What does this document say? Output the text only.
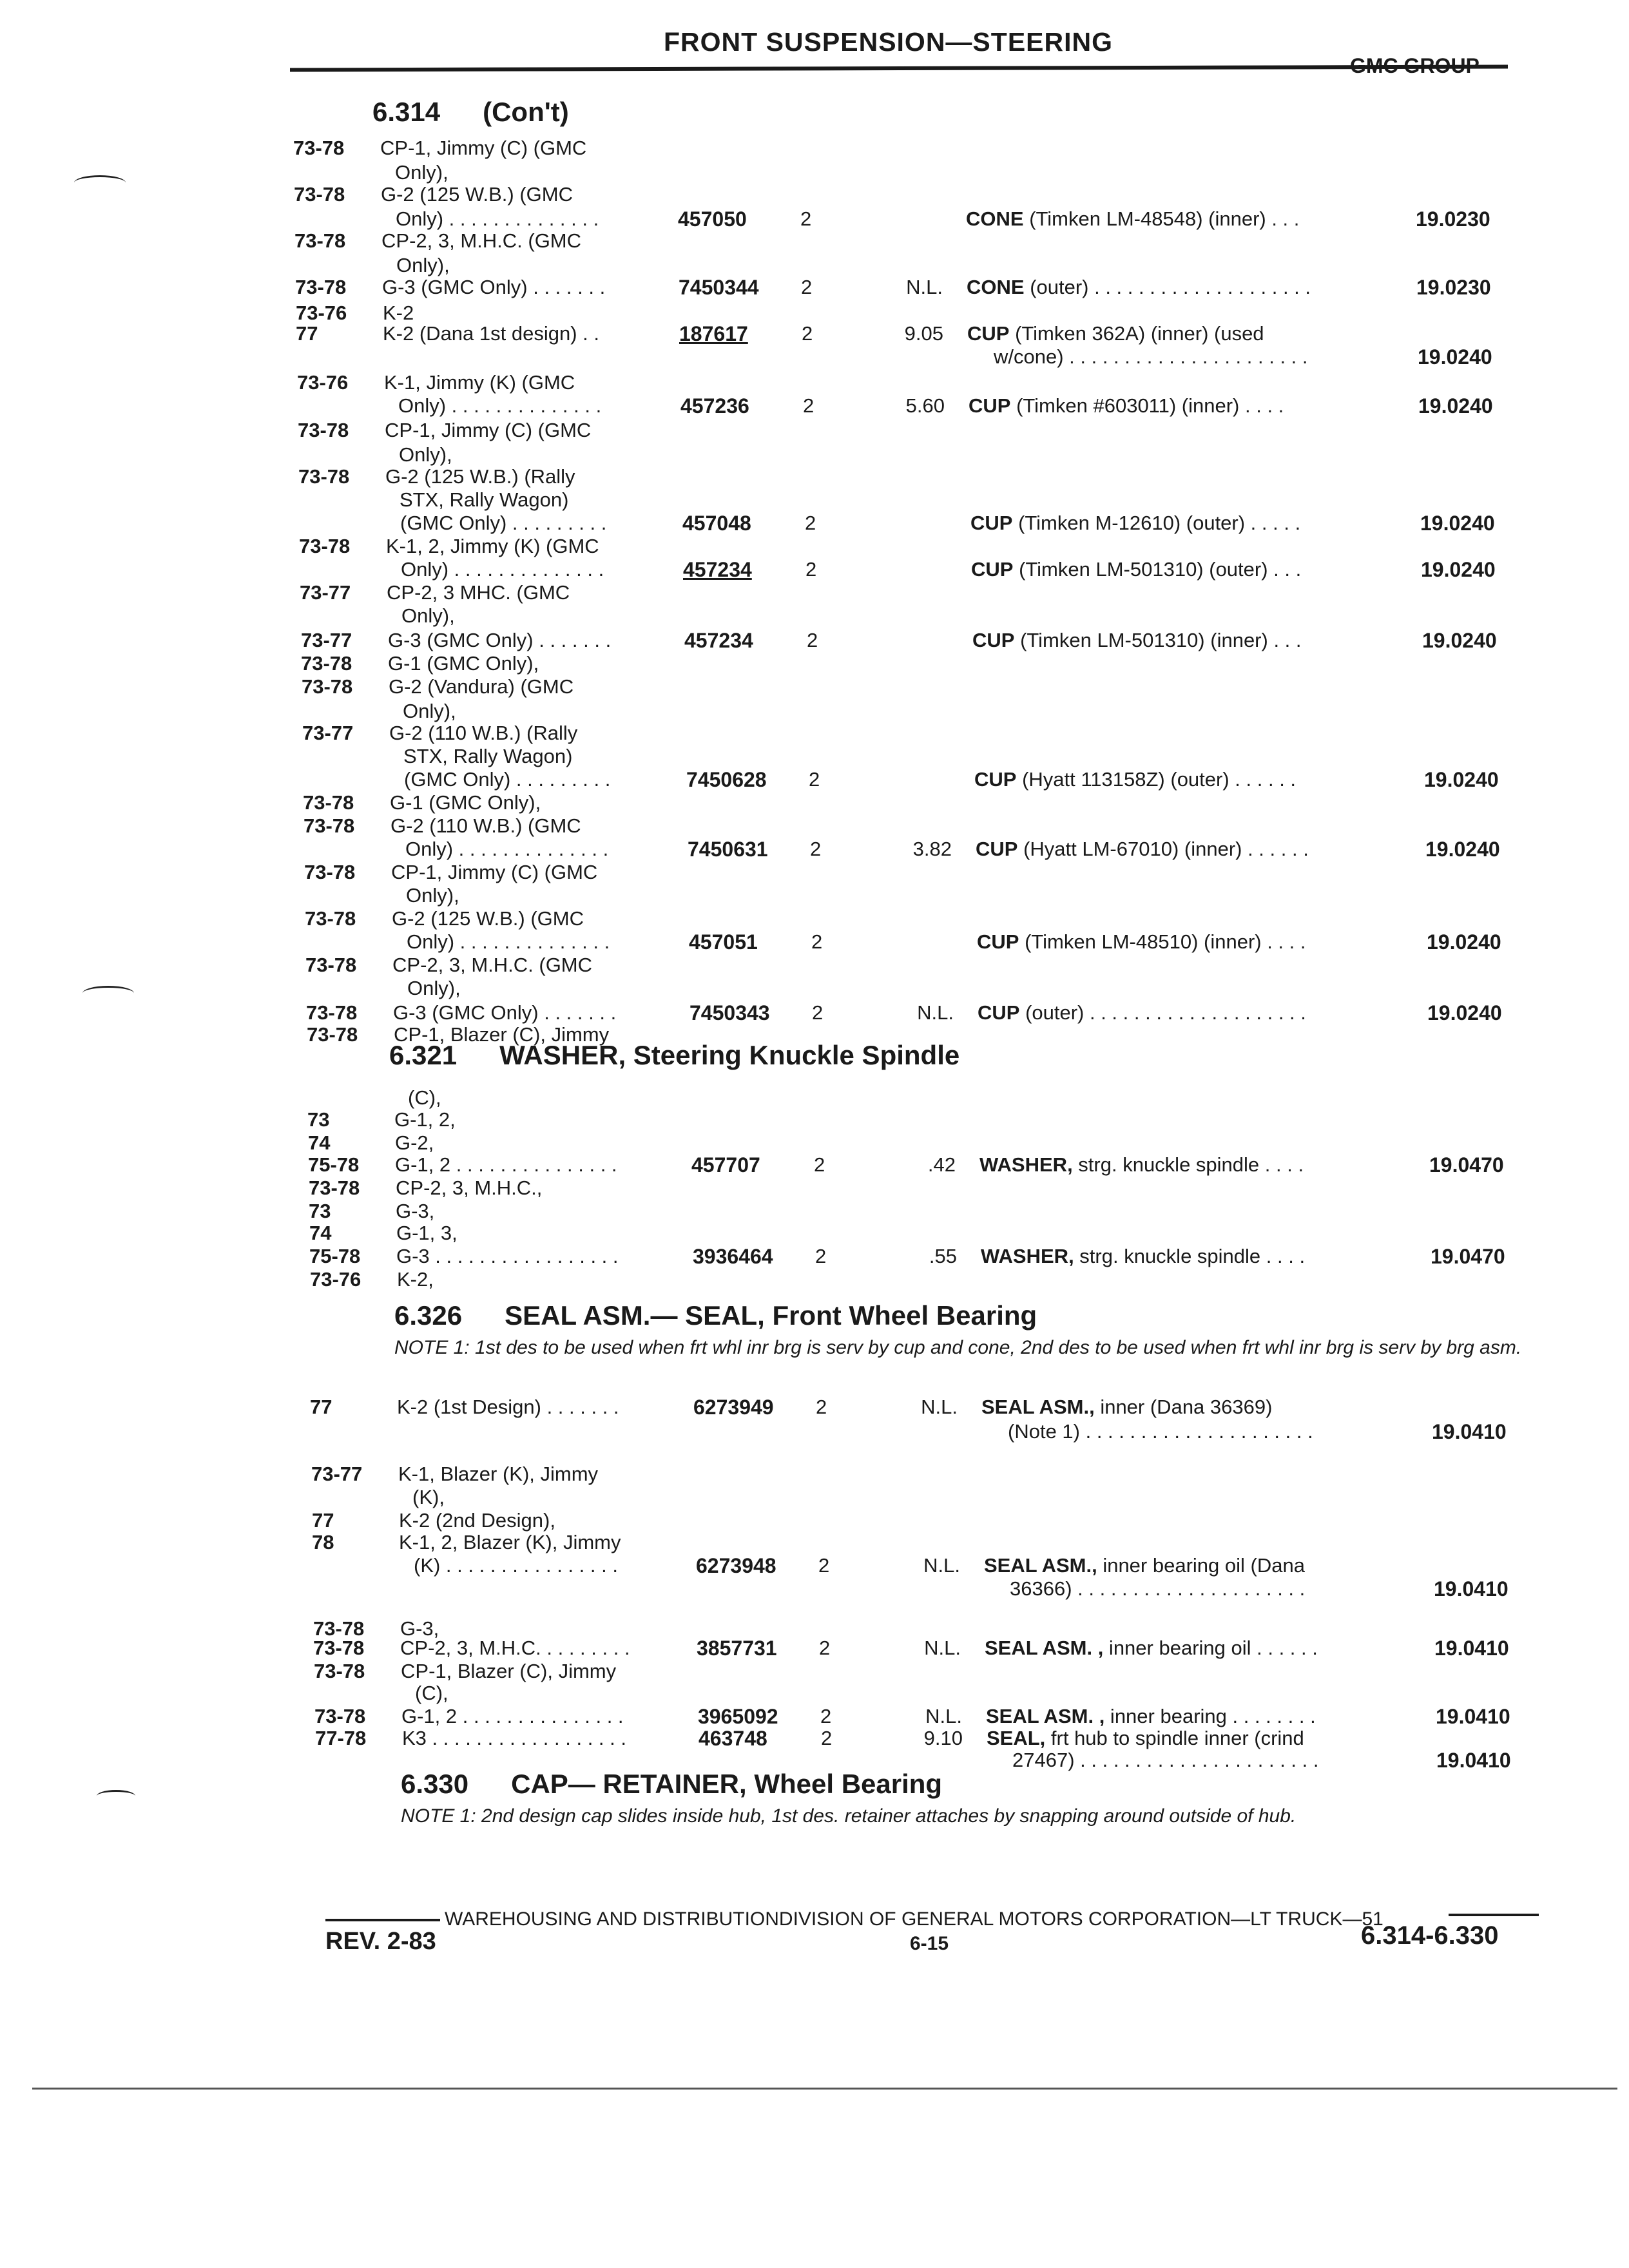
FRONT SUSPENSION—STEERING
GMC GROUP
6.314 (Con't)
6.321 WASHER, Steering Knuckle Spindle
6.326 SEAL ASM.— SEAL, Front Wheel Bearing
NOTE 1: 1st des to be used when frt whl inr brg is serv by cup and cone, 2nd des to be used when frt whl inr brg is serv by brg asm.
6.330 CAP— RETAINER, Wheel Bearing
NOTE 1: 2nd design cap slides inside hub, 1st des. retainer attaches by snapping around outside of hub.
73-78 CP-1, Jimmy (C) (GMC
Only),
73-78 G-2 (125 W.B.) (GMC
Only) . . . . . . . . . . . . . .	457050	2	CONE (Timken LM-48548) (inner) . . .	19.0230
73-78 CP-2, 3, M.H.C. (GMC
Only),
73-78 G-3 (GMC Only) . . . . . . .	7450344 2	N.L. CONE (outer) . . . . . . . . . . . . . . . . . . . .	19.0230
73-76 K-2
77	K-2 (Dana 1st design) . .	187617	2	9.05 CUP (Timken 362A) (inner) (used
w/cone) . . . . . . . . . . . . . . . . . . . . . .	19.0240
73-76 K-1, Jimmy (K) (GMC
Only) . . . . . . . . . . . . . .	457236	2	5.60 CUP (Timken #603011) (inner) . . . .	19.0240
73-78 CP-1, Jimmy (C) (GMC
Only),
73-78 G-2 (125 W.B.) (Rally
STX, Rally Wagon)
(GMC Only) . . . . . . . . .	457048	2	CUP (Timken M-12610) (outer) . . . . .	19.0240
73-78 K-1, 2, Jimmy (K) (GMC
Only) . . . . . . . . . . . . . .	457234	2	CUP (Timken LM-501310) (outer) . . .	19.0240
73-77 CP-2, 3 MHC. (GMC
Only),
73-77 G-3 (GMC Only) . . . . . . .	457234	2	CUP (Timken LM-501310) (inner) . . .	19.0240
73-78 G-1 (GMC Only),
73-78 G-2 (Vandura) (GMC
Only),
73-77 G-2 (110 W.B.) (Rally
STX, Rally Wagon)
(GMC Only) . . . . . . . . .	7450628 2	CUP (Hyatt 113158Z) (outer) . . . . . .	19.0240
73-78 G-1 (GMC Only),
73-78 G-2 (110 W.B.) (GMC
Only) . . . . . . . . . . . . . .	7450631 2	3.82 CUP (Hyatt LM-67010) (inner) . . . . . .	19.0240
73-78 CP-1, Jimmy (C) (GMC
Only),
73-78 G-2 (125 W.B.) (GMC
Only) . . . . . . . . . . . . . .	457051	2	CUP (Timken LM-48510) (inner) . . . .	19.0240
73-78 CP-2, 3, M.H.C. (GMC
Only),
73-78 G-3 (GMC Only) . . . . . . .	7450343 2	N.L. CUP (outer) . . . . . . . . . . . . . . . . . . . .	19.0240
73-78 CP-1, Blazer (C), Jimmy
(C),
73	G-1, 2,
74	G-2,
75-78 G-1, 2 . . . . . . . . . . . . . . .	457707	2	.42 WASHER, strg. knuckle spindle . . . .	19.0470
73-78 CP-2, 3, M.H.C.,
73	G-3,
74	G-1, 3,
75-78 G-3 . . . . . . . . . . . . . . . . .	3936464 2	.55 WASHER, strg. knuckle spindle . . . .	19.0470
73-76 K-2,
77	K-2 (1st Design) . . . . . . .	6273949 2	N.L. SEAL ASM., inner (Dana 36369)
(Note 1) . . . . . . . . . . . . . . . . . . . . .	19.0410
73-77 K-1, Blazer (K), Jimmy
(K),
77	K-2 (2nd Design),
78	K-1, 2, Blazer (K), Jimmy
(K) . . . . . . . . . . . . . . . .	6273948 2	N.L. SEAL ASM., inner bearing oil (Dana
36366) . . . . . . . . . . . . . . . . . . . . .	19.0410
73-78 G-3,
73-78 CP-2, 3, M.H.C. . . . . . . . .	3857731 2	N.L. SEAL ASM. , inner bearing oil . . . . . .	19.0410
73-78 CP-1, Blazer (C), Jimmy
(C),
73-78 G-1, 2 . . . . . . . . . . . . . . .	3965092 2	N.L. SEAL ASM. , inner bearing . . . . . . . .	19.0410
77-78 K3 . . . . . . . . . . . . . . . . . .	463748	2	9.10 SEAL, frt hub to spindle inner (crind
27467) . . . . . . . . . . . . . . . . . . . . . .	19.0410
WAREHOUSING AND DISTRIBUTIONDIVISION OF GENERAL MOTORS CORPORATION—LT TRUCK—51
REV. 2-83	6-15	6.314-6.330
